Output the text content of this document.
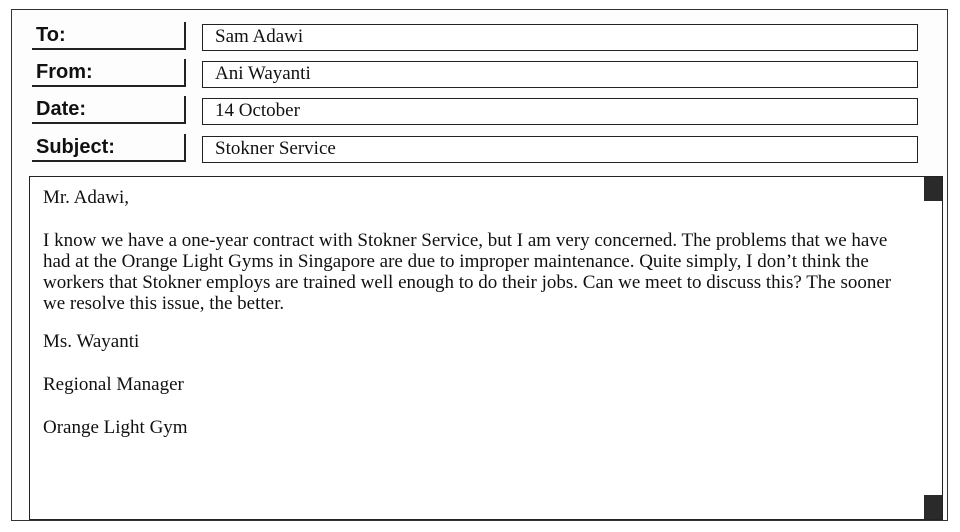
To:	Sam Adawi
From:	Ani Wayanti
Date:	14 October
Subject:	Stokner Service

Mr. Adawi,

I know we have a one-year contract with Stokner Service, but I am very concerned. The problems that we have had at the Orange Light Gyms in Singapore are due to improper maintenance. Quite simply, I don’t think the workers that Stokner employs are trained well enough to do their jobs. Can we meet to discuss this? The sooner we resolve this issue, the better.

Ms. Wayanti

Regional Manager

Orange Light Gym
